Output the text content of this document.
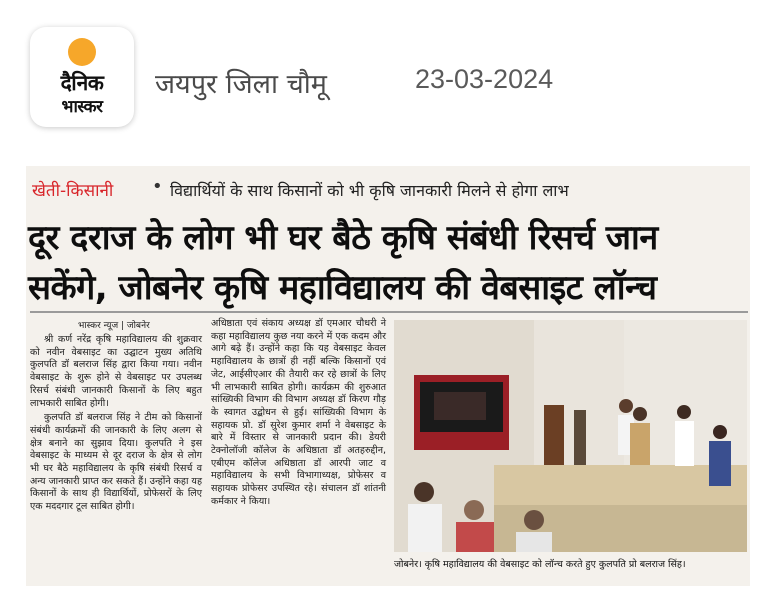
दैनिक
भास्कर
जयपुर जिला चौमू	23-03-2024
खेती-किसानी • विद्यार्थियों के साथ किसानों को भी कृषि जानकारी मिलने से होगा लाभ
दूर दराज के लोग भी घर बैठे कृषि संबंधी रिसर्च जान
सकेंगे, जोबनेर कृषि महाविद्यालय की वेबसाइट लॉन्च
भास्कर न्यूज | जोबनेर

श्री कर्ण नरेंद्र कृषि महाविद्यालय की शुक्रवार को नवीन वेबसाइट का उद्घाटन मुख्य अतिथि कुलपति डॉ बलराज सिंह द्वारा किया गया। नवीन वेबसाइट के शुरू होने से वेबसाइट पर उपलब्ध रिसर्च संबंधी जानकारी किसानों के लिए बहुत लाभकारी साबित होगी।

कुलपति डॉ बलराज सिंह ने टीम को किसानों संबंधी कार्यक्रमों की जानकारी के लिए अलग से क्षेत्र बनाने का सुझाव दिया। कुलपति ने इस वेबसाइट के माध्यम से दूर दराज के क्षेत्र से लोग भी घर बैठे महाविद्यालय के कृषि संबंधी रिसर्च व अन्य जानकारी प्राप्त कर सकते हैं। उन्होंने कहा यह किसानों के साथ ही विद्यार्थियों, प्रोफेसरों के लिए एक मददगार टूल साबित होगी।

अधिष्ठाता एवं संकाय अध्यक्ष डॉ एमआर चौधरी ने कहा महाविद्यालय कुछ नया करने में एक कदम और आगे बढ़े हैं। उन्होंने कहा कि यह वेबसाइट केवल महाविद्यालय के छात्रों ही नहीं बल्कि किसानों एवं जेट, आईसीएआर की तैयारी कर रहे छात्रों के लिए भी लाभकारी साबित होगी। कार्यक्रम की शुरुआत सांख्यिकी विभाग की विभाग अध्यक्ष डॉ किरण गौड़ के स्वागत उद्बोधन से हुई। सांख्यिकी विभाग के सहायक प्रो. डॉ सुरेश कुमार शर्मा ने वेबसाइट के बारे में विस्तार से जानकारी प्रदान की। डेयरी टेक्नोलॉजी कॉलेज के अधिष्ठाता डॉ अतहरुद्दीन, एबीएम कॉलेज अधिष्ठाता डॉ आरपी जाट व महाविद्यालय के सभी विभागाध्यक्ष, प्रोफेसर व सहायक प्रोफेसर उपस्थित रहे। संचालन डॉ शांतनी कर्मकार ने किया।

जोबनेर। कृषि महाविद्यालय की वेबसाइट को लॉन्च करते हुए कुलपति प्रो बलराज सिंह।
